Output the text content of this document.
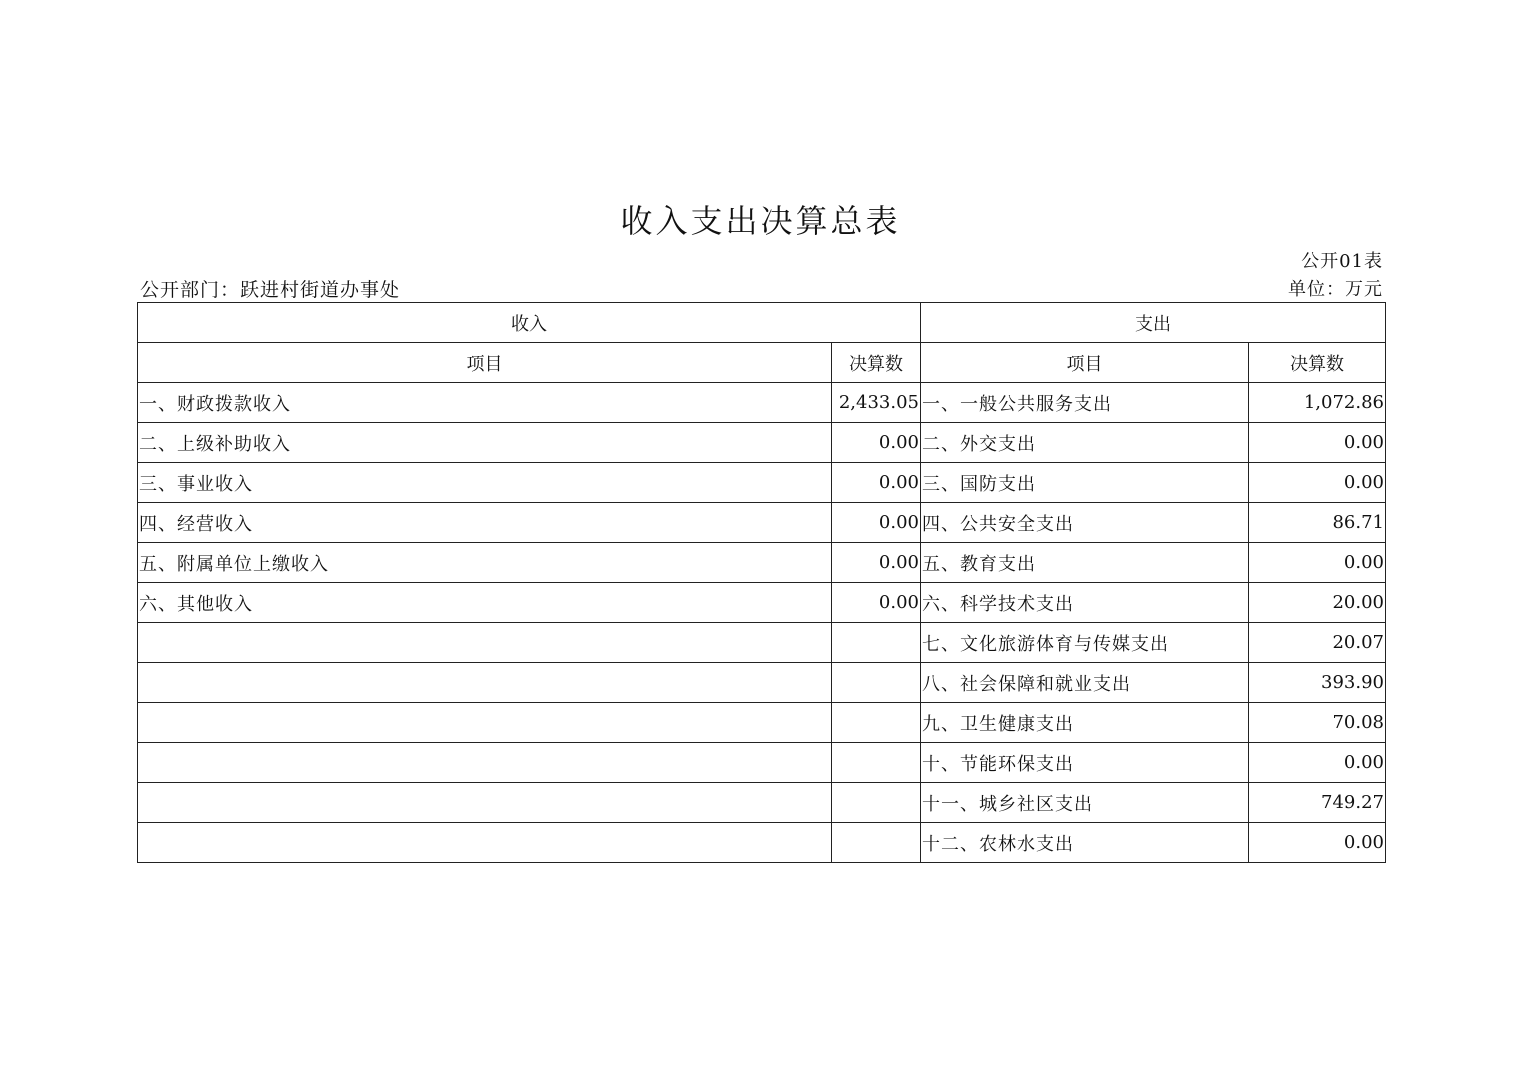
收入支出决算总表
公开01表
公开部门：跃进村街道办事处	单位：万元
收入		支出	
项目	决算数	项目	决算数
一、财政拨款收入	2,433.05	一、一般公共服务支出	1,072.86
二、上级补助收入	0.00	二、外交支出	0.00
三、事业收入	0.00	三、国防支出	0.00
四、经营收入	0.00	四、公共安全支出	86.71
五、附属单位上缴收入	0.00	五、教育支出	0.00
六、其他收入	0.00	六、科学技术支出	20.00
		七、文化旅游体育与传媒支出	20.07
		八、社会保障和就业支出	393.90
		九、卫生健康支出	70.08
		十、节能环保支出	0.00
		十一、城乡社区支出	749.27
		十二、农林水支出	0.00
